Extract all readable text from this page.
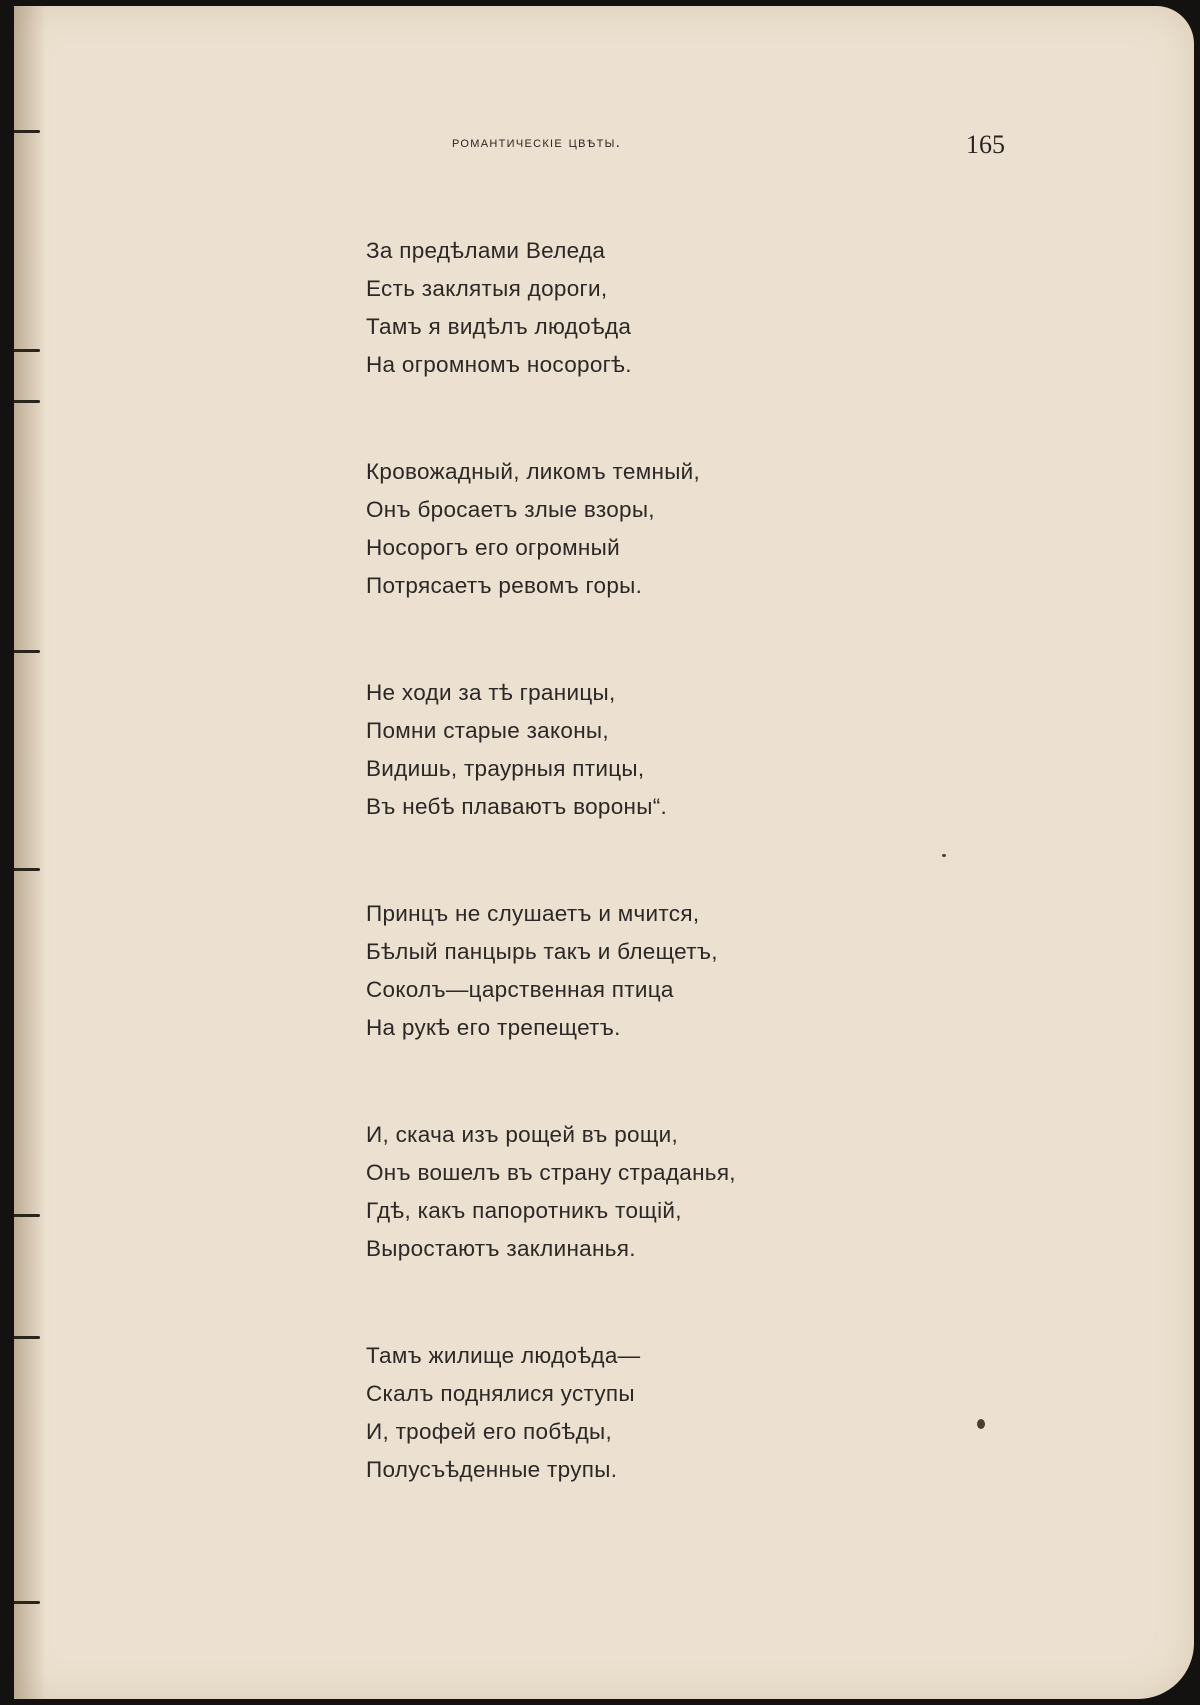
романтическіе цвѣты.	165
За предѣлами Веледа
Есть заклятыя дороги,
Тамъ я видѣлъ людоѣда
На огромномъ носорогѣ.
Кровожадный, ликомъ темный,
Онъ бросаетъ злые взоры,
Носорогъ его огромный
Потрясаетъ ревомъ горы.
Не ходи за тѣ границы,
Помни старые законы,
Видишь, траурныя птицы,
Въ небѣ плаваютъ вороны“.
Принцъ не слушаетъ и мчится,
Бѣлый панцырь такъ и блещетъ,
Соколъ—царственная птица
На рукѣ его трепещетъ.
И, скача изъ рощей въ рощи,
Онъ вошелъ въ страну страданья,
Гдѣ, какъ папоротникъ тощій,
Выростаютъ заклинанья.
Тамъ жилище людоѣда—
Скалъ поднялися уступы
И, трофей его побѣды,
Полусъѣденные трупы.
